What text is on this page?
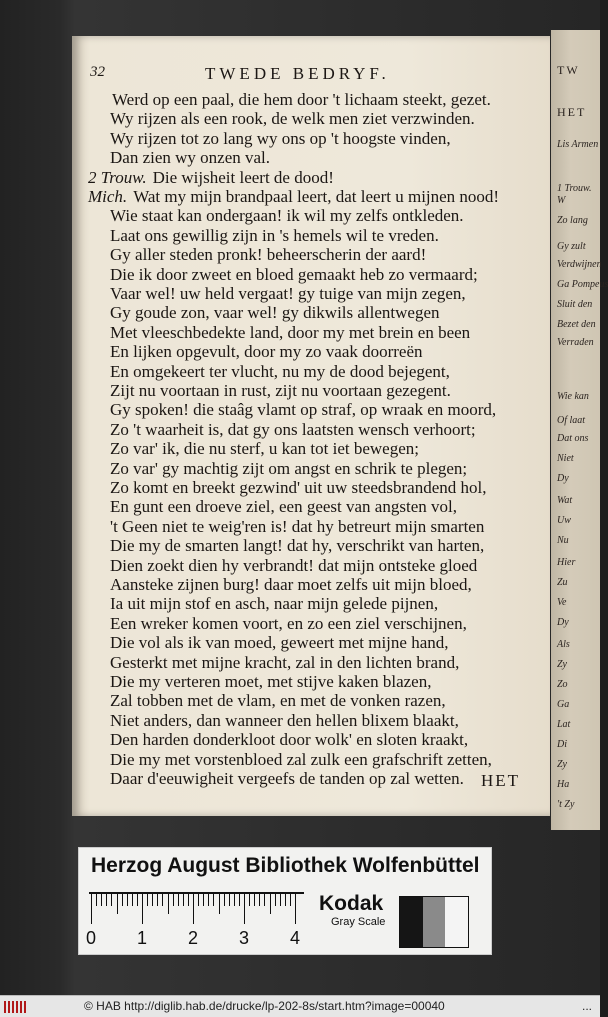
TW
HET
Lis Armen
1 Trouw.
W
Zo lang
Gy zult
Verdwijnen
Ga Pompeus
Sluit den
Bezet den
Verraden
Wie kan
Of laat
Dat ons
Niet
Dy
Wat
Uw
Nu
Hier
Zu
Ve
Dy
Als
Zy
Zo
Ga
Lat
Di
Zy
Ha
't Zy
32	TWEDE BEDRYF.
Werd op een paal, die hem door 't lichaam steekt, gezet.
Wy rijzen als een rook, de welk men ziet verzwinden.
Wy rijzen tot zo lang wy ons op 't hoogste vinden,
Dan zien wy onzen val.
2 Trouw. Die wijsheit leert de dood!
Mich. Wat my mijn brandpaal leert, dat leert u mijnen nood!
Wie staat kan ondergaan! ik wil my zelfs ontkleden.
Laat ons gewillig zijn in 's hemels wil te vreden.
Gy aller steden pronk! beheerscherin der aard!
Die ik door zweet en bloed gemaakt heb zo vermaard;
Vaar wel! uw held vergaat! gy tuige van mijn zegen,
Gy goude zon, vaar wel! gy dikwils allentwegen
Met vleeschbedekte land, door my met brein en been
En lijken opgevult, door my zo vaak doorreën
En omgekeert ter vlucht, nu my de dood bejegent,
Zijt nu voortaan in rust, zijt nu voortaan gezegent.
Gy spoken! die staâg vlamt op straf, op wraak en moord,
Zo 't waarheit is, dat gy ons laatsten wensch verhoort;
Zo var' ik, die nu sterf, u kan tot iet bewegen;
Zo var' gy machtig zijt om angst en schrik te plegen;
Zo komt en breekt gezwind' uit uw steedsbrandend hol,
En gunt een droeve ziel, een geest van angsten vol,
't Geen niet te weig'ren is! dat hy betreurt mijn smarten
Die my de smarten langt! dat hy, verschrikt van harten,
Dien zoekt dien hy verbrandt! dat mijn ontsteke gloed
Aansteke zijnen burg! daar moet zelfs uit mijn bloed,
Ia uit mijn stof en asch, naar mijn gelede pijnen,
Een wreker komen voort, en zo een ziel verschijnen,
Die vol als ik van moed, geweert met mijne hand,
Gesterkt met mijne kracht, zal in den lichten brand,
Die my verteren moet, met stijve kaken blazen,
Zal tobben met de vlam, en met de vonken razen,
Niet anders, dan wanneer den hellen blixem blaakt,
Den harden donderkloot door wolk' en sloten kraakt,
Die my met vorstenbloed zal zulk een grafschrift zetten,
Daar d'eeuwigheit vergeefs de tanden op zal wetten. HET
Herzog August Bibliothek Wolfenbüttel
0 1 2 3 4
Kodak
Gray Scale
© HAB http://diglib.hab.de/drucke/lp-202-8s/start.htm?image=00040	...
